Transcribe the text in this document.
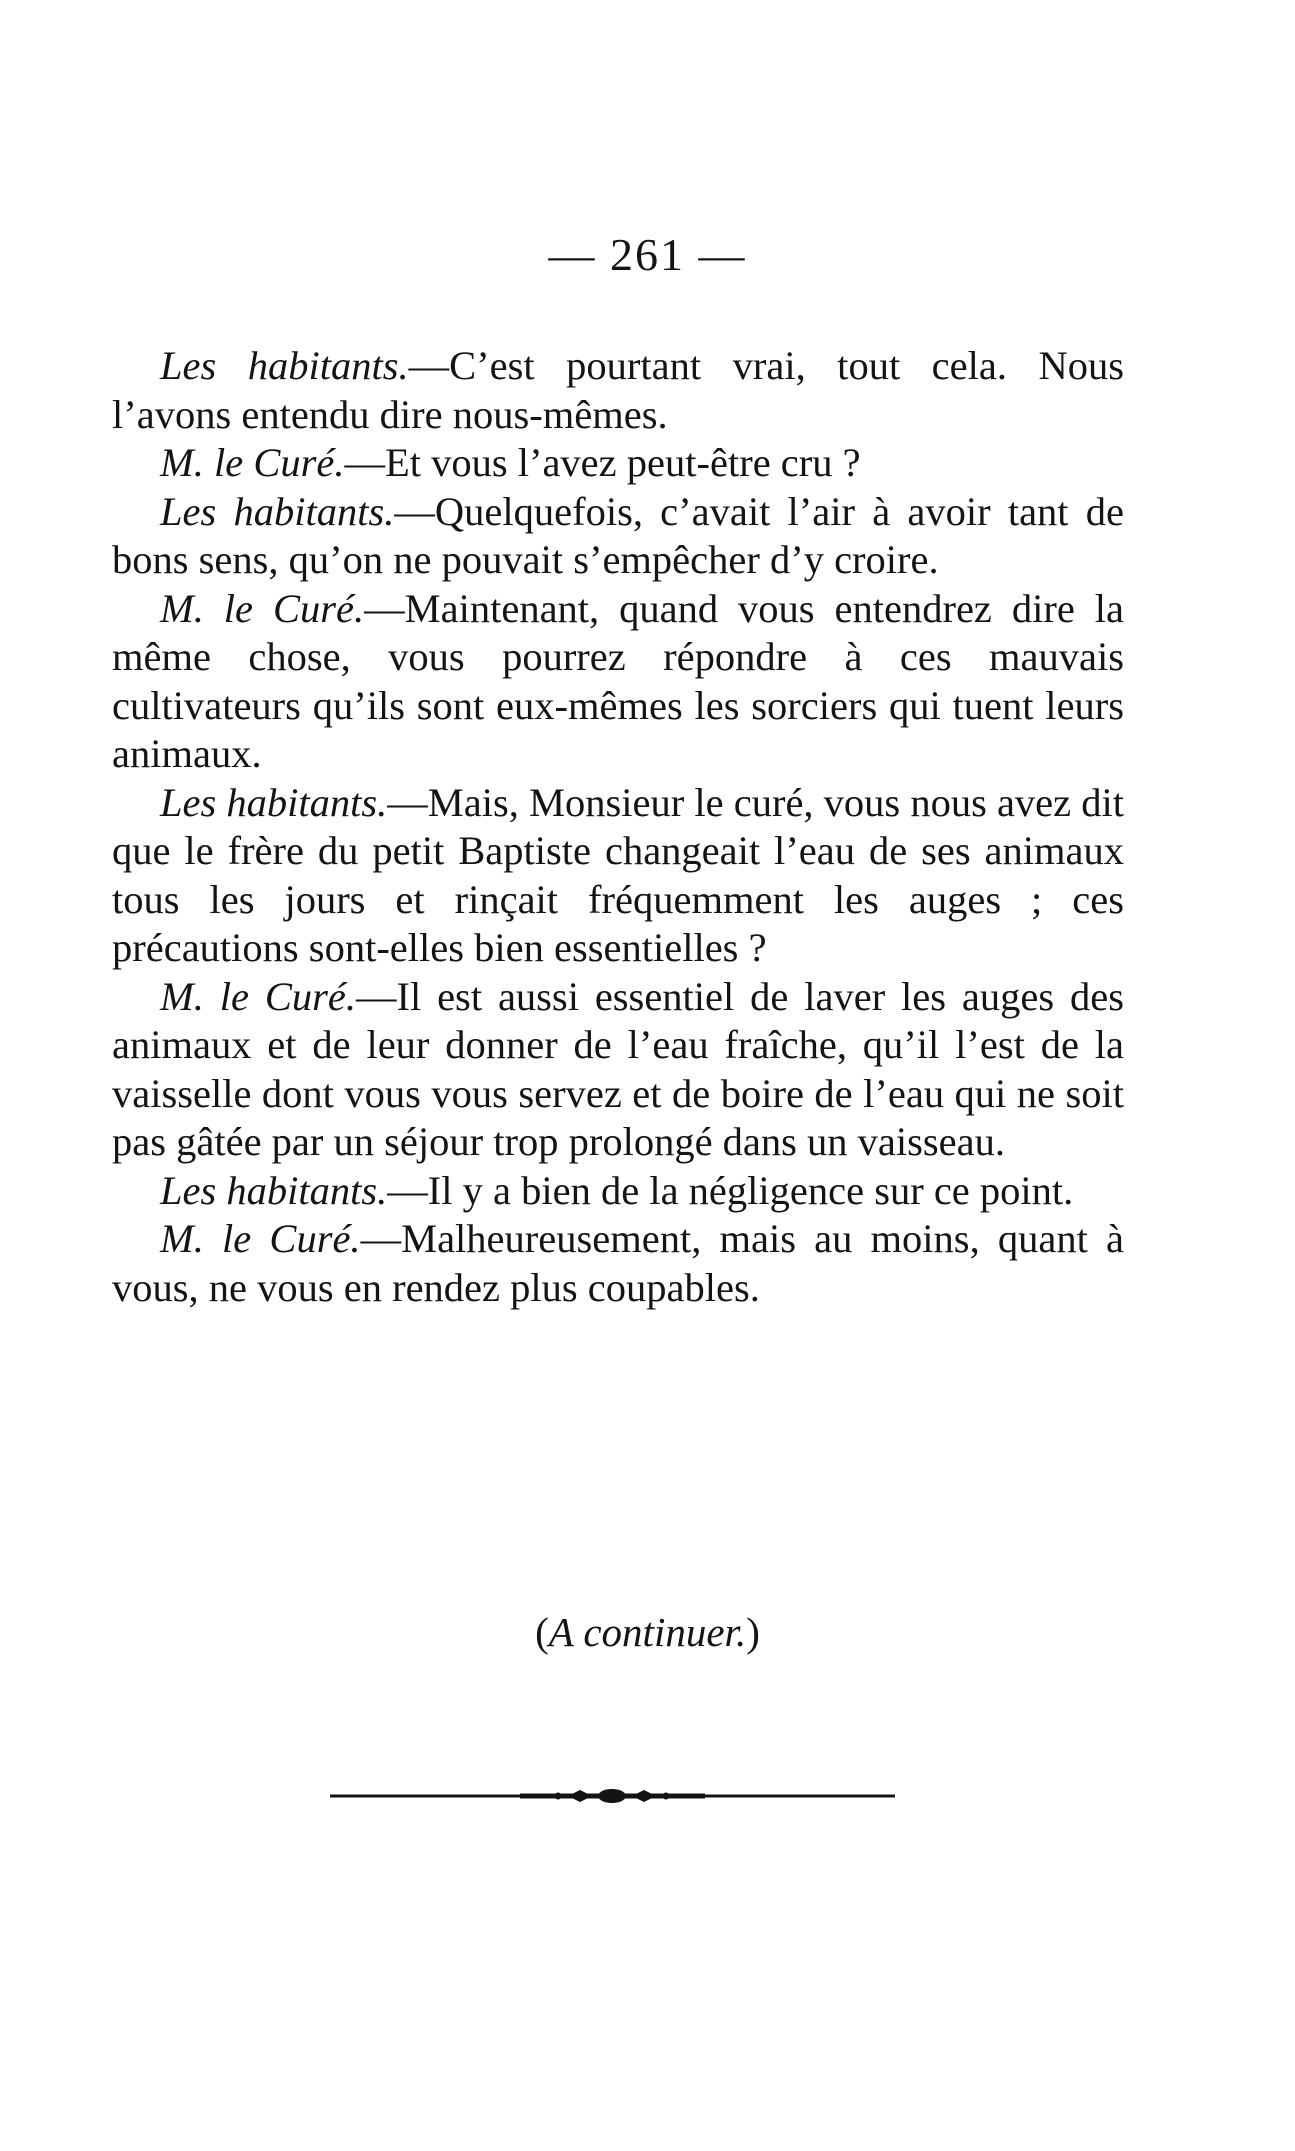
— 261 —

Les habitants.—C’est pourtant vrai, tout cela. Nous l’avons entendu dire nous-mêmes.

M. le Curé.—Et vous l’avez peut-être cru ?

Les habitants.—Quelquefois, c’avait l’air à avoir tant de bons sens, qu’on ne pouvait s’empêcher d’y croire.

M. le Curé.—Maintenant, quand vous entendrez dire la même chose, vous pourrez répondre à ces mauvais cultivateurs qu’ils sont eux-mêmes les sorciers qui tuent leurs animaux.

Les habitants.—Mais, Monsieur le curé, vous nous avez dit que le frère du petit Baptiste changeait l’eau de ses animaux tous les jours et rinçait fréquemment les auges ; ces précautions sont-elles bien essentielles ?

M. le Curé.—Il est aussi essentiel de laver les auges des animaux et de leur donner de l’eau fraîche, qu’il l’est de la vaisselle dont vous vous servez et de boire de l’eau qui ne soit pas gâtée par un séjour trop prolongé dans un vaisseau.

Les habitants.—Il y a bien de la négligence sur ce point.

M. le Curé.—Malheureusement, mais au moins, quant à vous, ne vous en rendez plus coupables.

(A continuer.)
